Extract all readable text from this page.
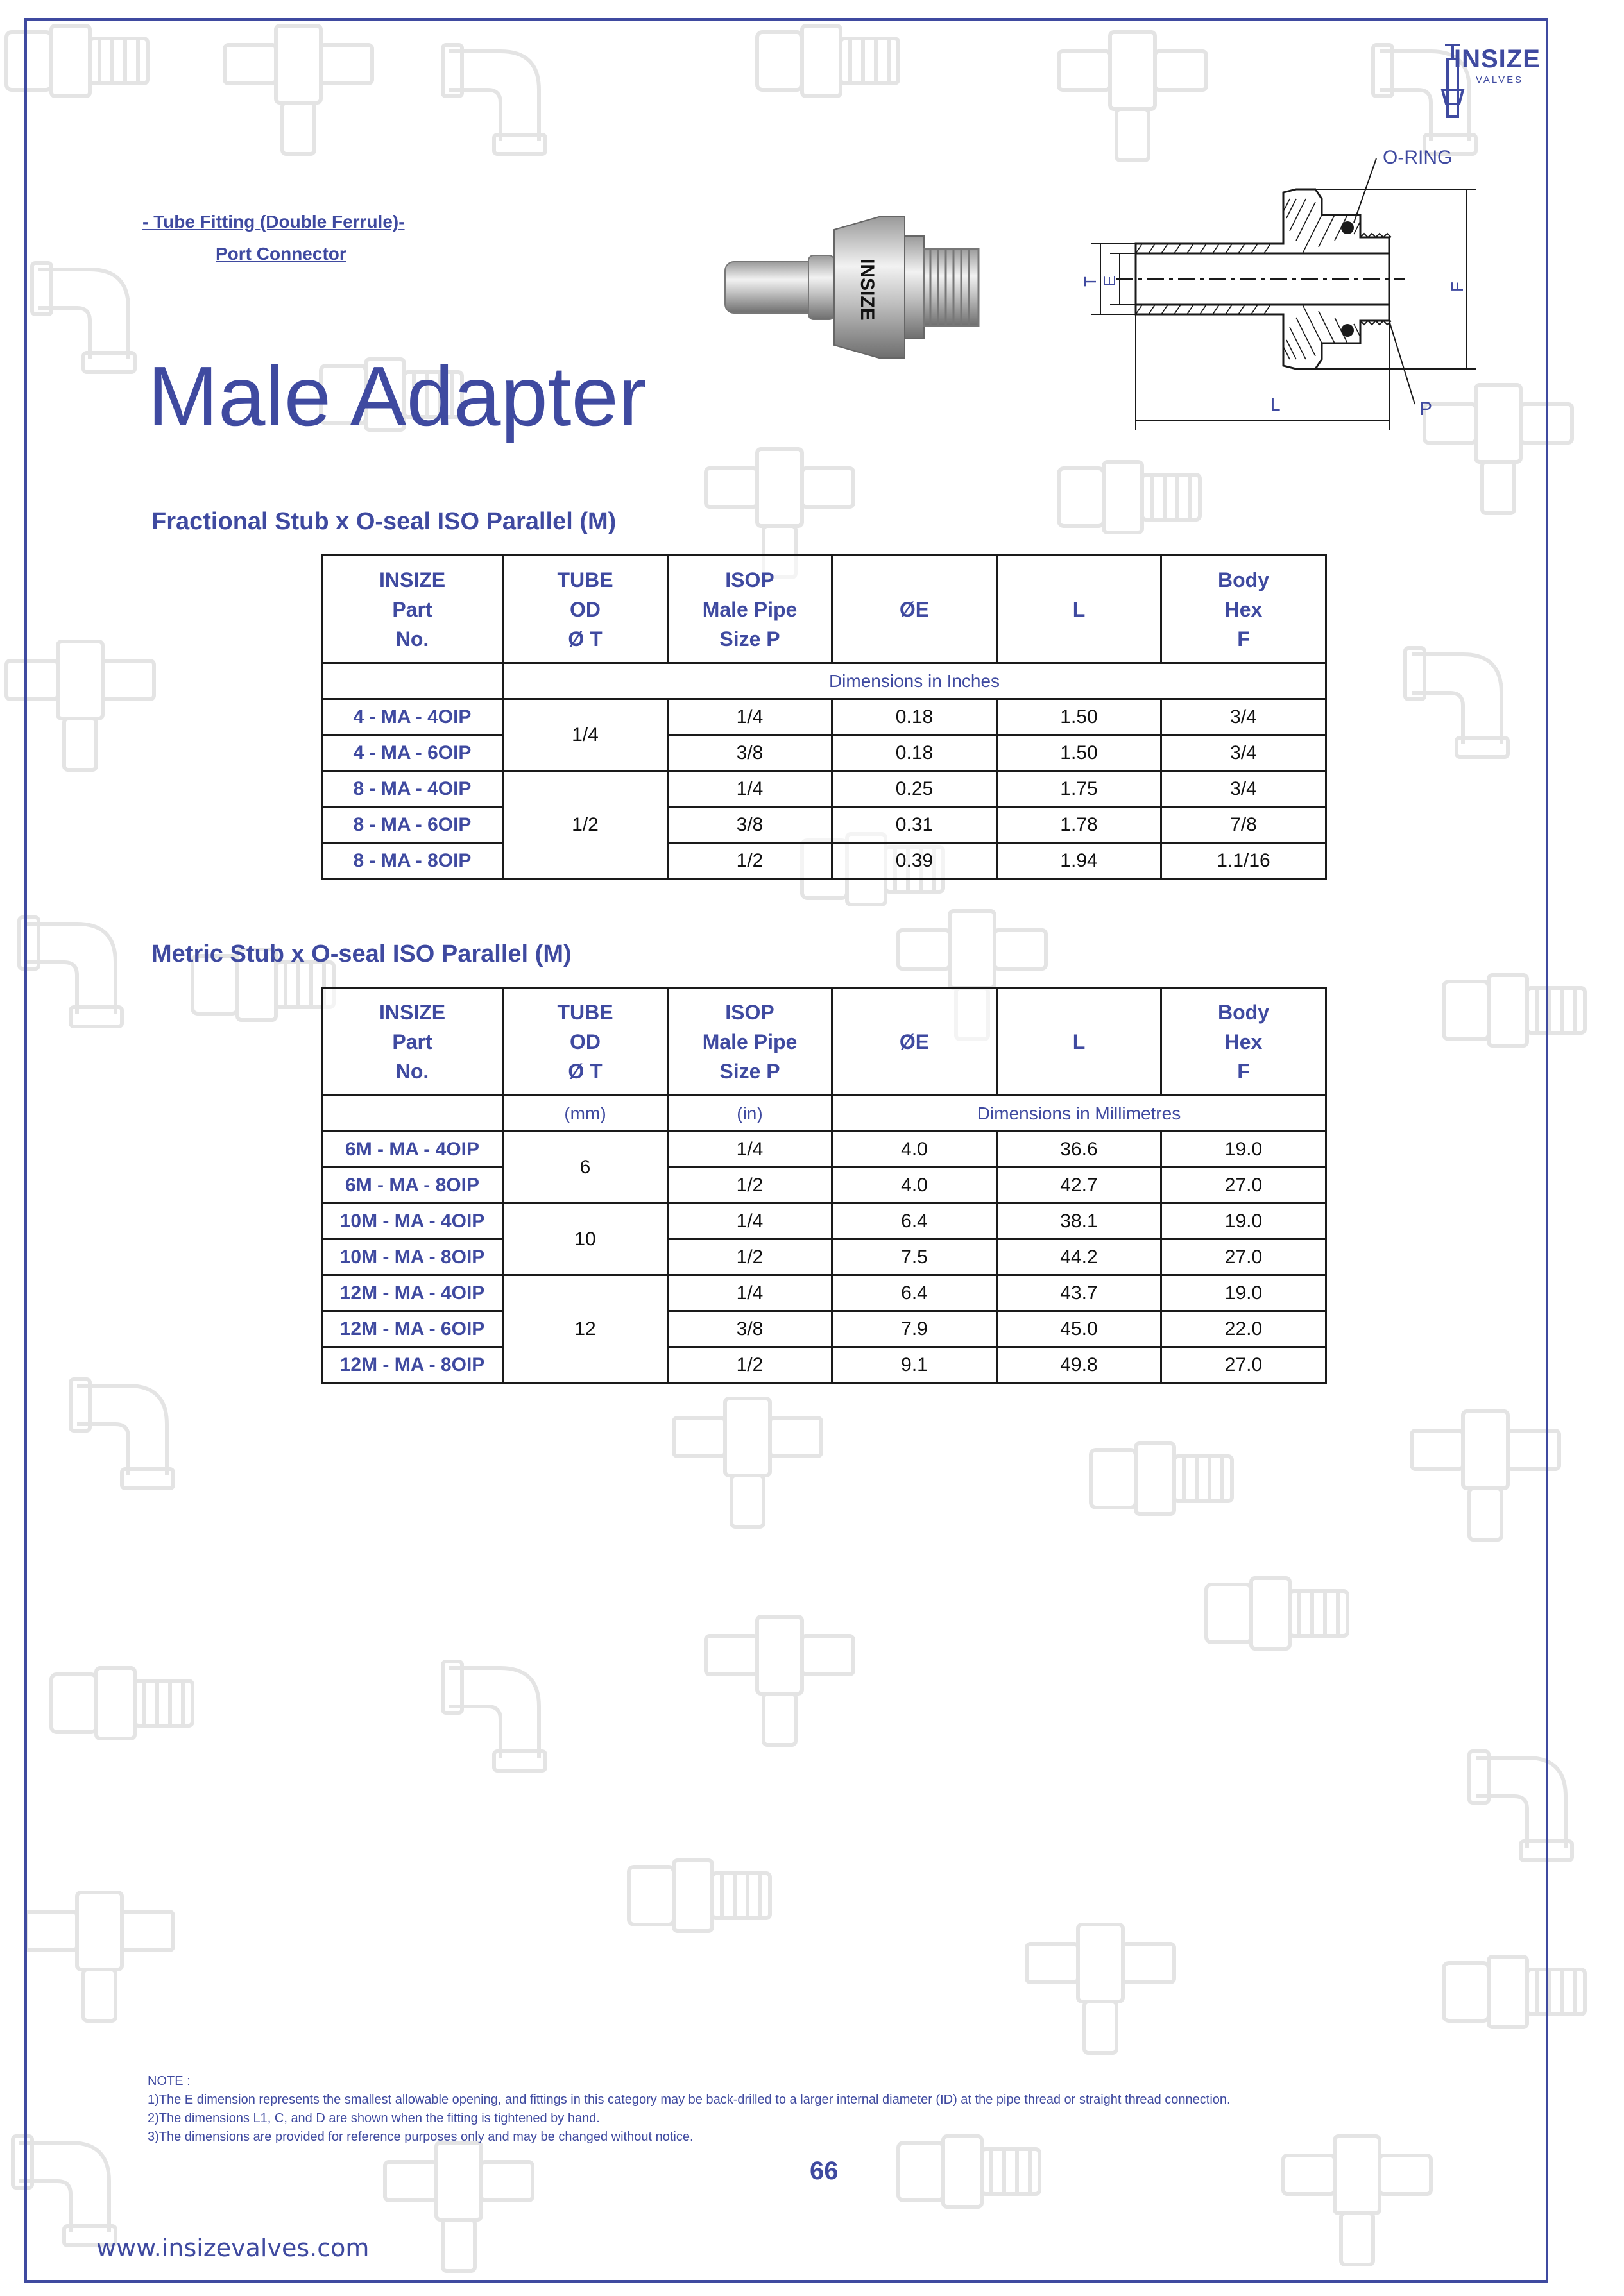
INSIZE
VALVES
- Tube Fitting (Double Ferrule)-
Port Connector
INSIZE
O-RING
T E
F
L	P
Male Adapter
Fractional Stub x O-seal ISO Parallel (M)
INSIZE
Part
No.	TUBE
OD
Ø T	ISOP
Male Pipe
Size P	ØE	L	Body
Hex
F

	Dimensions in Inches				
4 - MA - 4OIP	1/4	1/4	0.18	1.50	3/4
4 - MA - 6OIP		3/8	0.18	1.50	3/4
8 - MA - 4OIP	1/2	1/4	0.25	1.75	3/4
8 - MA - 6OIP		3/8	0.31	1.78	7/8
8 - MA - 8OIP		1/2	0.39	1.94	1.1/16
Metric Stub x O-seal ISO Parallel (M)
INSIZE
Part
No.	TUBE
OD
Ø T	ISOP
Male Pipe
Size P	ØE	L	Body
Hex
F

	(mm)	(in)	Dimensions in Millimetres		
6M - MA - 4OIP	6	1/4	4.0	36.6	19.0
6M - MA - 8OIP		1/2	4.0	42.7	27.0
10M - MA - 4OIP	10	1/4	6.4	38.1	19.0
10M - MA - 8OIP		1/2	7.5	44.2	27.0
12M - MA - 4OIP	12	1/4	6.4	43.7	19.0
12M - MA - 6OIP		3/8	7.9	45.0	22.0
12M - MA - 8OIP		1/2	9.1	49.8	27.0
NOTE :
1)The E dimension represents the smallest allowable opening, and fittings in this category may be back-drilled to a larger internal diameter (ID) at the pipe thread or straight thread connection.
2)The dimensions L1, C, and D are shown when the fitting is tightened by hand.
3)The dimensions are provided for reference purposes only and may be changed without notice.
66
www.insizevalves.com
